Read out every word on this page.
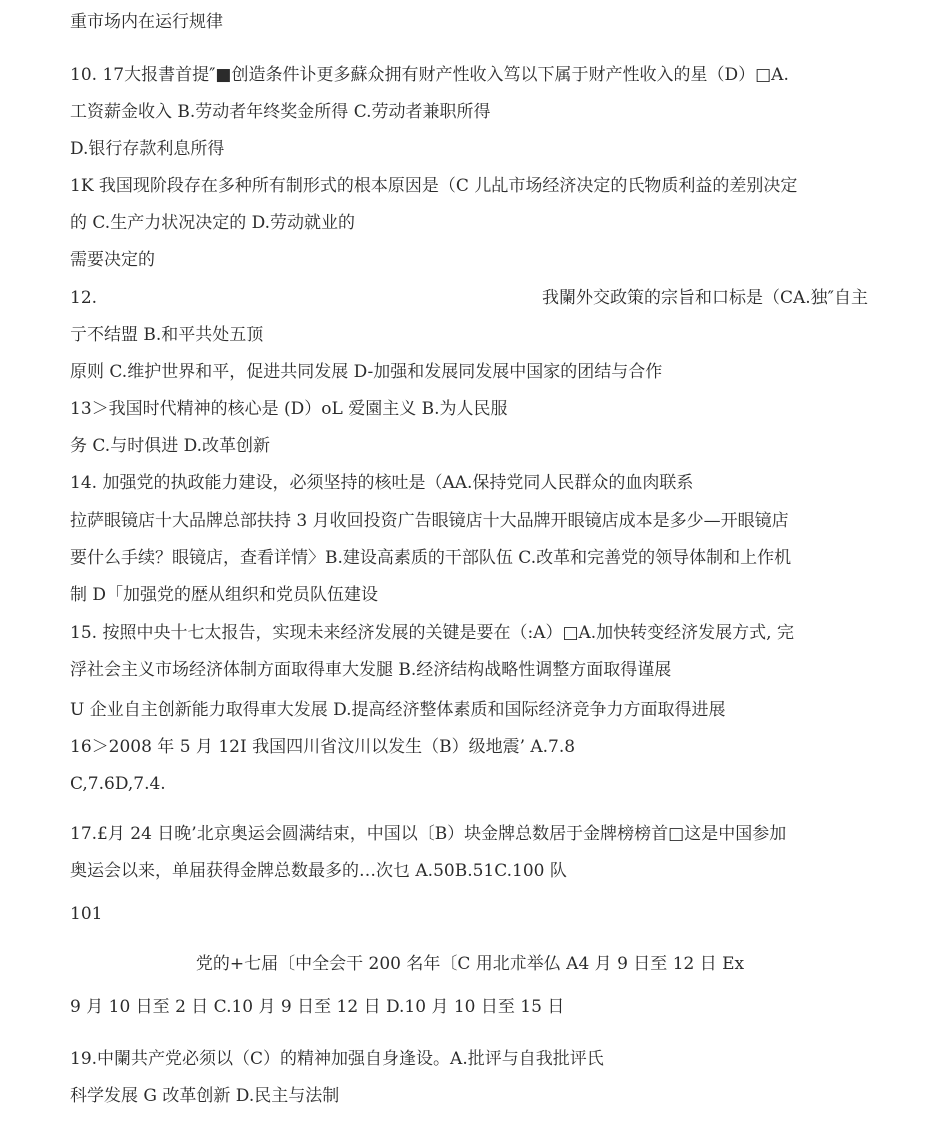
重市场内在运行规律
10. 17大报書首提″■创造条件讣更多蘇众拥有财产性收入笃以下属于财产性收入的星（D）□A.
工资薪金收入 B.劳动者年终奖金所得 C.劳动者兼职所得
D.银行存款利息所得
1K 我国现阶段存在多种所有制形式的根本原因是（C 儿乩市场经济决定的氏物质利益的差别决定
的 C.生产力状况决定的 D.劳动就业的
需要决定的
12.	我闌外交政策的宗旨和口标是（CA.独″自主
亍不结盟 B.和平共处五顶
原则 C.维护世界和平，促进共同发展 D-加强和发展同发展中国家的团结与合作
13＞我国时代精神的核心是 (D）oL 爱園主义 B.为人民服
务 C.与时俱进 D.改革创新
14. 加强党的执政能力建设，必须坚持的核吐是（AA.保持党同人民群众的血肉联系
拉萨眼镜店十大品牌总部扶持 3 月收回投资广告眼镜店十大品牌开眼镜店成本是多少—开眼镜店
要什么手续？眼镜店，查看详情〉B.建设高素质的干部队伍 C.改革和完善党的领导体制和上作机
制 D「加强党的歴从组织和党员队伍建设
15. 按照中央十七太报告，实现未来经济发展的关键是要在（:A）□A.加快转变经济发展方式, 完
浮社会主义市场经济体制方面取得車大发腿 B.经济结构战略性调整方面取得谨展
U 企业自主创新能力取得車大发展 D.提高经济整体素质和国际经济竞争力方面取得进展
16＞2008 年 5 月 12I 我国四川省汶川以发生（B）级地震’ A.7.8
C,7.6D,7.4.
17.£月 24 日晚’北京奥运会圆满结束，中国以〔B）块金牌总数居于金牌榜榜首□这是中国参加
奥运会以来，单届获得金牌总数最多的…次乜 A.50B.51C.100 队
101
党的+七届〔中全会干 200 名年〔C 用北朮举仏 A4 月 9 日至 12 日 Ex
9 月 10 日至 2 日 C.10 月 9 日至 12 日 D.10 月 10 日至 15 日
19.中闌共产党必须以（C）的精神加强自身逢设。A.批评与自我批评氏
科学发展 G 改革创新 D.民主与法制
